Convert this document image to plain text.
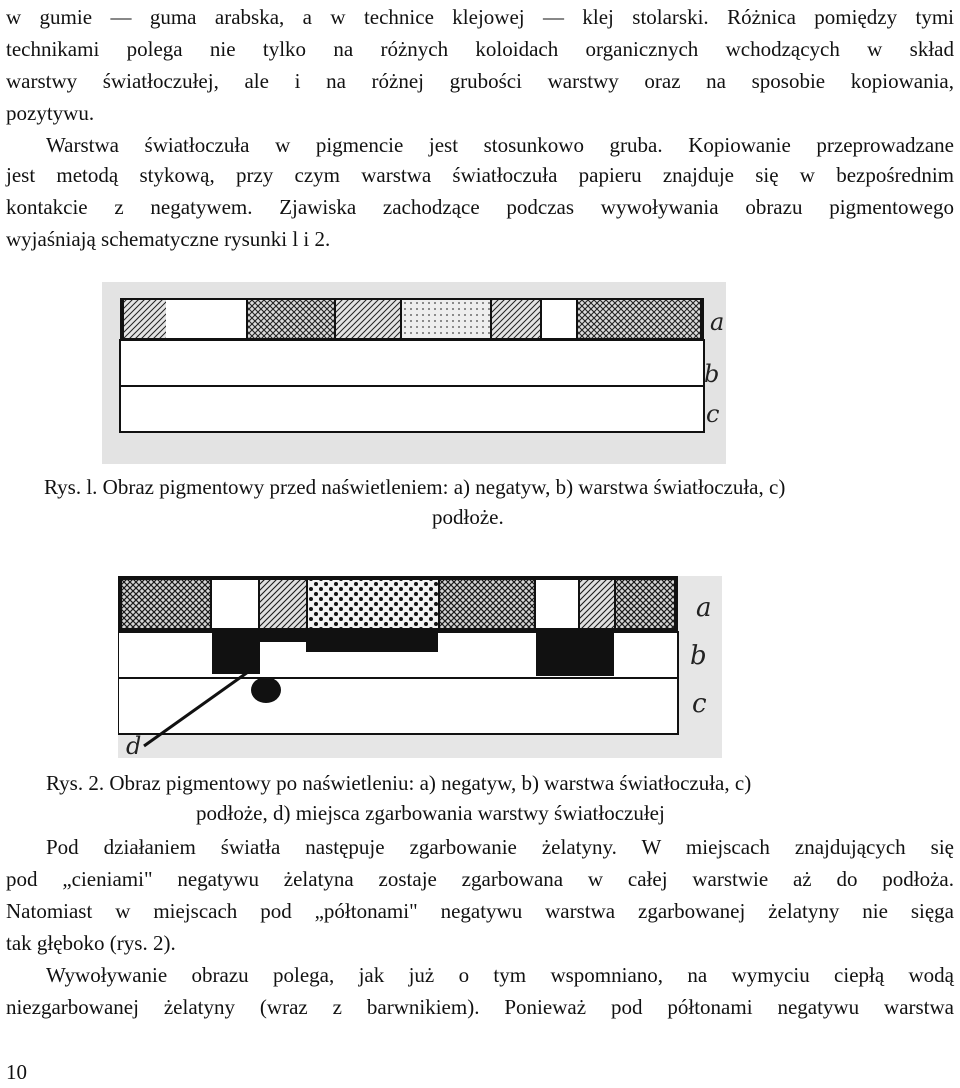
w gumie — guma arabska, a w technice klejowej — klej stolarski. Różnica pomiędzy tymi
technikami polega nie tylko na różnych koloidach organicznych wchodzących w skład
warstwy światłoczułej, ale i na różnej grubości warstwy oraz na sposobie kopiowania,
pozytywu.
Warstwa światłoczuła w pigmencie jest stosunkowo gruba. Kopiowanie przeprowadzane
jest metodą stykową, przy czym warstwa światłoczuła papieru znajduje się w bezpośrednim
kontakcie z negatywem. Zjawiska zachodzące podczas wywoływania obrazu pigmentowego
wyjaśniają schematyczne rysunki l i 2.
a
b
c
Rys. l. Obraz pigmentowy przed naświetleniem: a) negatyw, b) warstwa światłoczuła, c)
podłoże.
a
b
c
d
Rys. 2. Obraz pigmentowy po naświetleniu: a) negatyw, b) warstwa światłoczuła, c)
podłoże, d) miejsca zgarbowania warstwy światłoczułej
Pod działaniem światła następuje zgarbowanie żelatyny. W miejscach znajdujących się
pod „cieniami" negatywu żelatyna zostaje zgarbowana w całej warstwie aż do podłoża.
Natomiast w miejscach pod „półtonami" negatywu warstwa zgarbowanej żelatyny nie sięga
tak głęboko (rys. 2).
Wywoływanie obrazu polega, jak już o tym wspomniano, na wymyciu ciepłą wodą
niezgarbowanej żelatyny (wraz z barwnikiem). Ponieważ pod półtonami negatywu warstwa
10
